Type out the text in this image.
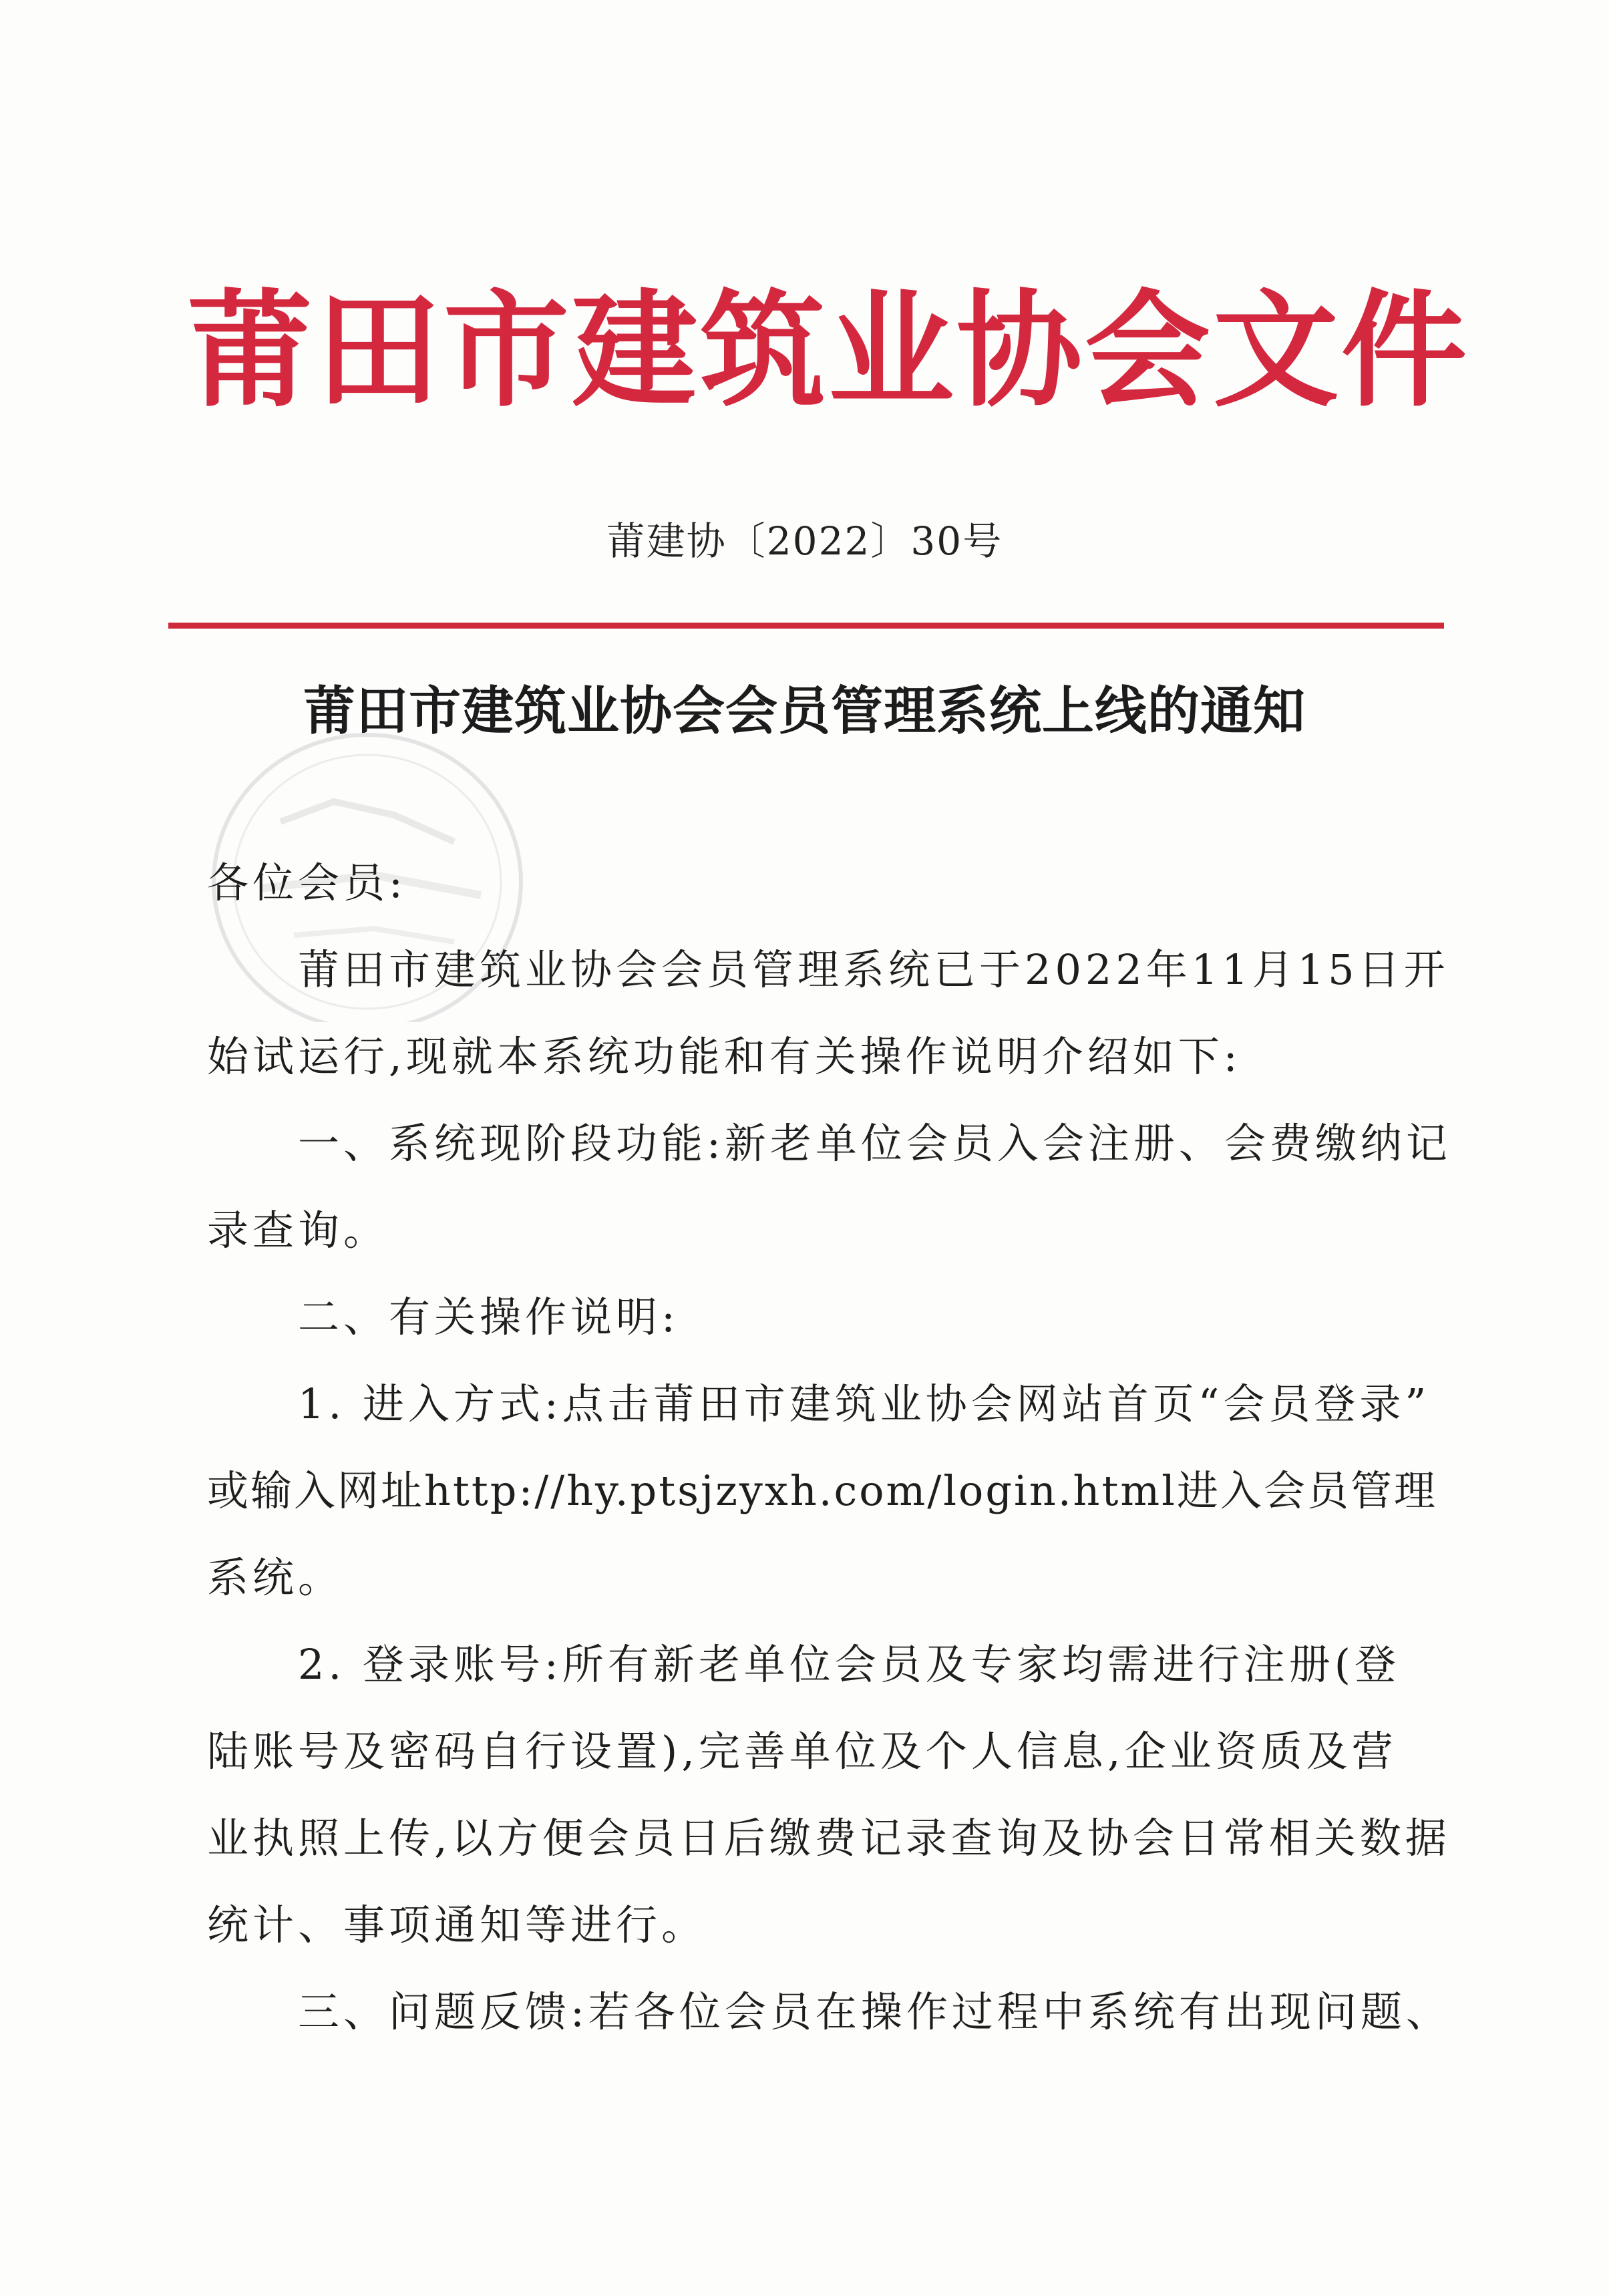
莆田市建筑业协会文件
莆建协〔2022〕30号
莆田市建筑业协会会员管理系统上线的通知
各位会员:
　　莆田市建筑业协会会员管理系统已于2022年11月15日开
始试运行,现就本系统功能和有关操作说明介绍如下:
　　一、系统现阶段功能:新老单位会员入会注册、会费缴纳记
录查询。
　　二、有关操作说明:
　　1. 进入方式:点击莆田市建筑业协会网站首页“会员登录”
或输入网址http://hy.ptsjzyxh.com/login.html进入会员管理
系统。
　　2. 登录账号:所有新老单位会员及专家均需进行注册(登
陆账号及密码自行设置),完善单位及个人信息,企业资质及营
业执照上传,以方便会员日后缴费记录查询及协会日常相关数据
统计、事项通知等进行。
　　三、问题反馈:若各位会员在操作过程中系统有出现问题、
